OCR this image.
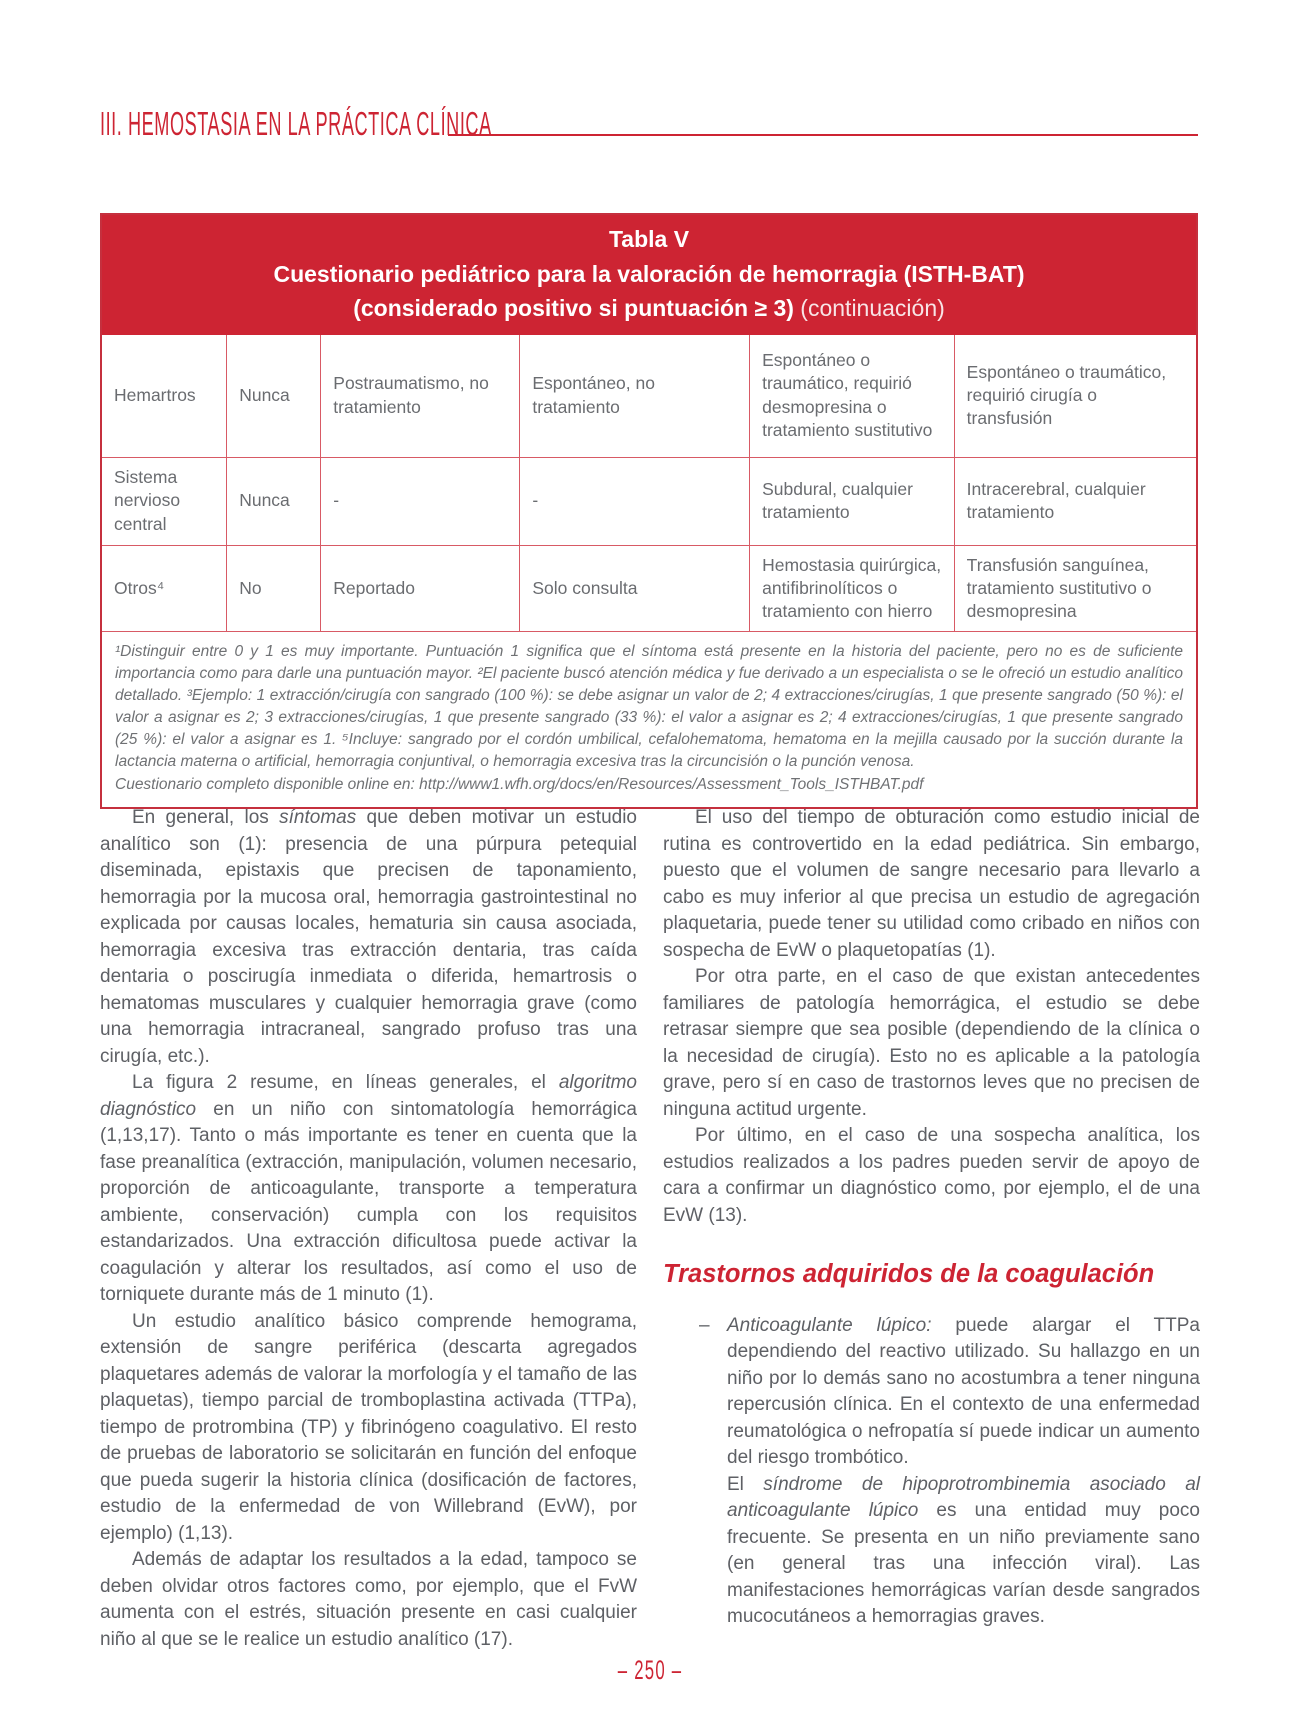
III. HEMOSTASIA EN LA PRÁCTICA CLÍNICA
Tabla V
Cuestionario pediátrico para la valoración de hemorragia (ISTH-BAT)
(considerado positivo si puntuación ≥ 3) (continuación)
Hemartros	Nunca	Postraumatismo, no tratamiento	Espontáneo, no tratamiento	Espontáneo o traumático, requirió desmopresina o tratamiento sustitutivo	Espontáneo o traumático, requirió cirugía o transfusión
Sistema nervioso central	Nunca	-	-	Subdural, cualquier tratamiento	Intracerebral, cualquier tratamiento
Otros⁴	No	Reportado	Solo consulta	Hemostasia quirúrgica, antifibrinolíticos o tratamiento con hierro	Transfusión sanguínea, tratamiento sustitutivo o desmopresina

¹Distinguir entre 0 y 1 es muy importante. Puntuación 1 significa que el síntoma está presente en la historia del paciente, pero no es de suficiente importancia como para darle una puntuación mayor. ²El paciente buscó atención médica y fue derivado a un especialista o se le ofreció un estudio analítico detallado. ³Ejemplo: 1 extracción/cirugía con sangrado (100 %): se debe asignar un valor de 2; 4 extracciones/cirugías, 1 que presente sangrado (50 %): el valor a asignar es 2; 3 extracciones/cirugías, 1 que presente sangrado (33 %): el valor a asignar es 2; 4 extracciones/cirugías, 1 que presente sangrado (25 %): el valor a asignar es 1. ⁵Incluye: sangrado por el cordón umbilical, cefalohematoma, hematoma en la mejilla causado por la succión durante la lactancia materna o artificial, hemorragia conjuntival, o hemorragia excesiva tras la circuncisión o la punción venosa.

Cuestionario completo disponible online en: http://www1.wfh.org/docs/en/Resources/Assessment_Tools_ISTHBAT.pdf

En general, los síntomas que deben motivar un estudio analítico son (1): presencia de una púrpura petequial diseminada, epistaxis que precisen de taponamiento, hemorragia por la mucosa oral, hemorragia gastrointestinal no explicada por causas locales, hematuria sin causa asociada, hemorragia excesiva tras extracción dentaria, tras caída dentaria o poscirugía inmediata o diferida, hemartrosis o hematomas musculares y cualquier hemorragia grave (como una hemorragia intracraneal, sangrado profuso tras una cirugía, etc.).

La figura 2 resume, en líneas generales, el algoritmo diagnóstico en un niño con sintomatología hemorrágica (1,13,17). Tanto o más importante es tener en cuenta que la fase preanalítica (extracción, manipulación, volumen necesario, proporción de anticoagulante, transporte a temperatura ambiente, conservación) cumpla con los requisitos estandarizados. Una extracción dificultosa puede activar la coagulación y alterar los resultados, así como el uso de torniquete durante más de 1 minuto (1).

Un estudio analítico básico comprende hemograma, extensión de sangre periférica (descarta agregados plaquetares además de valorar la morfología y el tamaño de las plaquetas), tiempo parcial de tromboplastina activada (TTPa), tiempo de protrombina (TP) y fibrinógeno coagulativo. El resto de pruebas de laboratorio se solicitarán en función del enfoque que pueda sugerir la historia clínica (dosificación de factores, estudio de la enfermedad de von Willebrand (EvW), por ejemplo) (1,13).

Además de adaptar los resultados a la edad, tampoco se deben olvidar otros factores como, por ejemplo, que el FvW aumenta con el estrés, situación presente en casi cualquier niño al que se le realice un estudio analítico (17).

El uso del tiempo de obturación como estudio inicial de rutina es controvertido en la edad pediátrica. Sin embargo, puesto que el volumen de sangre necesario para llevarlo a cabo es muy inferior al que precisa un estudio de agregación plaquetaria, puede tener su utilidad como cribado en niños con sospecha de EvW o plaquetopatías (1).

Por otra parte, en el caso de que existan antecedentes familiares de patología hemorrágica, el estudio se debe retrasar siempre que sea posible (dependiendo de la clínica o la necesidad de cirugía). Esto no es aplicable a la patología grave, pero sí en caso de trastornos leves que no precisen de ninguna actitud urgente.

Por último, en el caso de una sospecha analítica, los estudios realizados a los padres pueden servir de apoyo de cara a confirmar un diagnóstico como, por ejemplo, el de una EvW (13).

Trastornos adquiridos de la coagulación
– Anticoagulante lúpico: puede alargar el TTPa dependiendo del reactivo utilizado. Su hallazgo en un niño por lo demás sano no acostumbra a tener ninguna repercusión clínica. En el contexto de una enfermedad reumatológica o nefropatía sí puede indicar un aumento del riesgo trombótico.

El síndrome de hipoprotrombinemia asociado al anticoagulante lúpico es una entidad muy poco frecuente. Se presenta en un niño previamente sano (en general tras una infección viral). Las manifestaciones hemorrágicas varían desde sangrados mucocutáneos a hemorragias graves.

– 250 –
